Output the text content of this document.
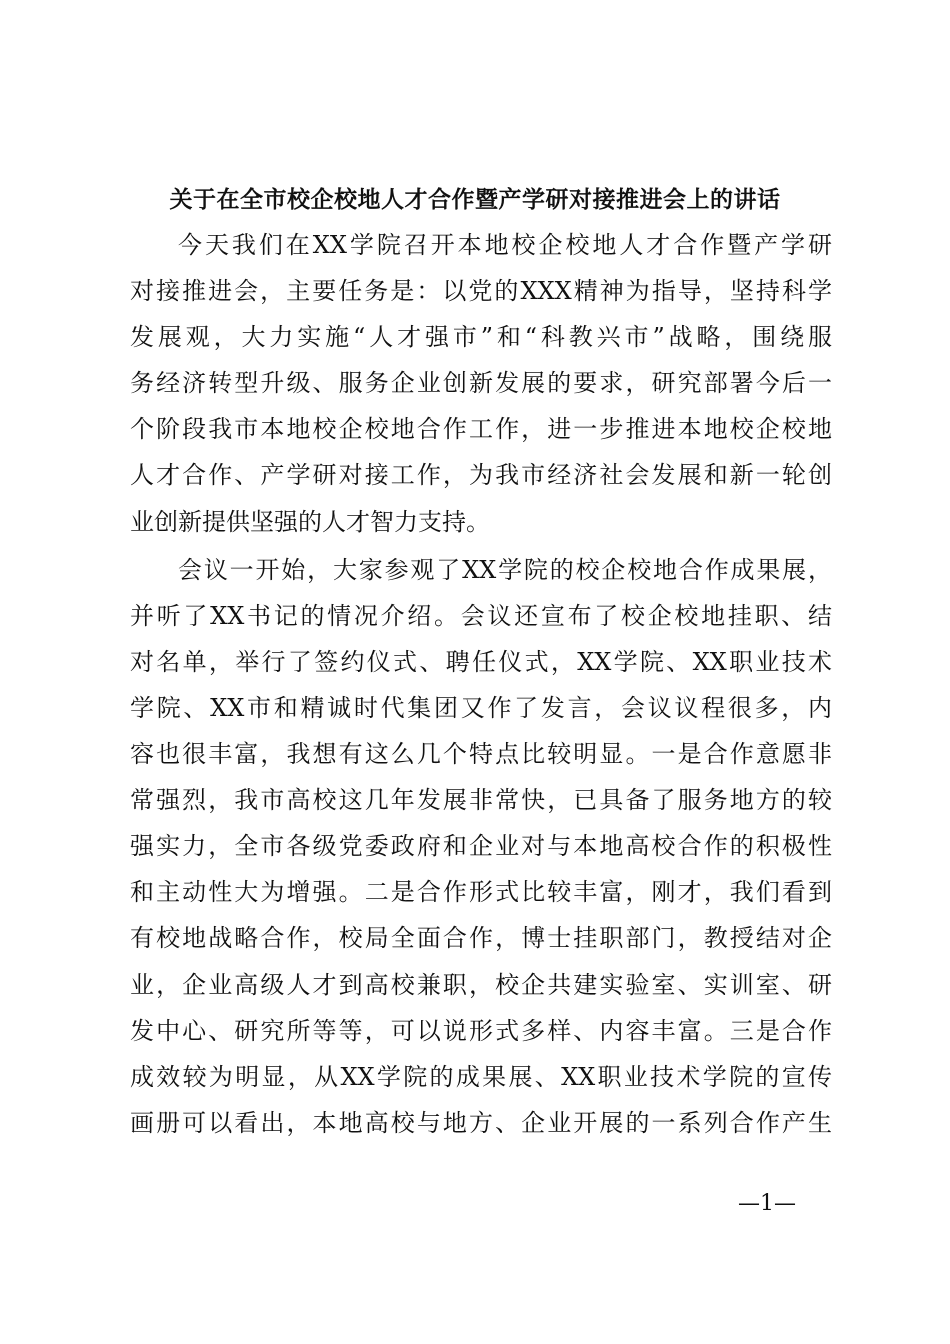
关于在全市校企校地人才合作暨产学研对接推进会上的讲话
今天我们在XX学院召开本地校企校地人才合作暨产学研
对接推进会，主要任务是：以党的XXX精神为指导，坚持科学
发展观，大力实施“人才强市”和“科教兴市”战略，围绕服
务经济转型升级、服务企业创新发展的要求，研究部署今后一
个阶段我市本地校企校地合作工作，进一步推进本地校企校地
人才合作、产学研对接工作，为我市经济社会发展和新一轮创
业创新提供坚强的人才智力支持。
会议一开始，大家参观了XX学院的校企校地合作成果展，
并听了XX书记的情况介绍。会议还宣布了校企校地挂职、结
对名单，举行了签约仪式、聘任仪式，XX学院、XX职业技术
学院、XX市和精诚时代集团又作了发言，会议议程很多，内
容也很丰富，我想有这么几个特点比较明显。一是合作意愿非
常强烈，我市高校这几年发展非常快，已具备了服务地方的较
强实力，全市各级党委政府和企业对与本地高校合作的积极性
和主动性大为增强。二是合作形式比较丰富，刚才，我们看到
有校地战略合作，校局全面合作，博士挂职部门，教授结对企
业，企业高级人才到高校兼职，校企共建实验室、实训室、研
发中心、研究所等等，可以说形式多样、内容丰富。三是合作
成效较为明显，从XX学院的成果展、XX职业技术学院的宣传
画册可以看出，本地高校与地方、企业开展的一系列合作产生
—1—
